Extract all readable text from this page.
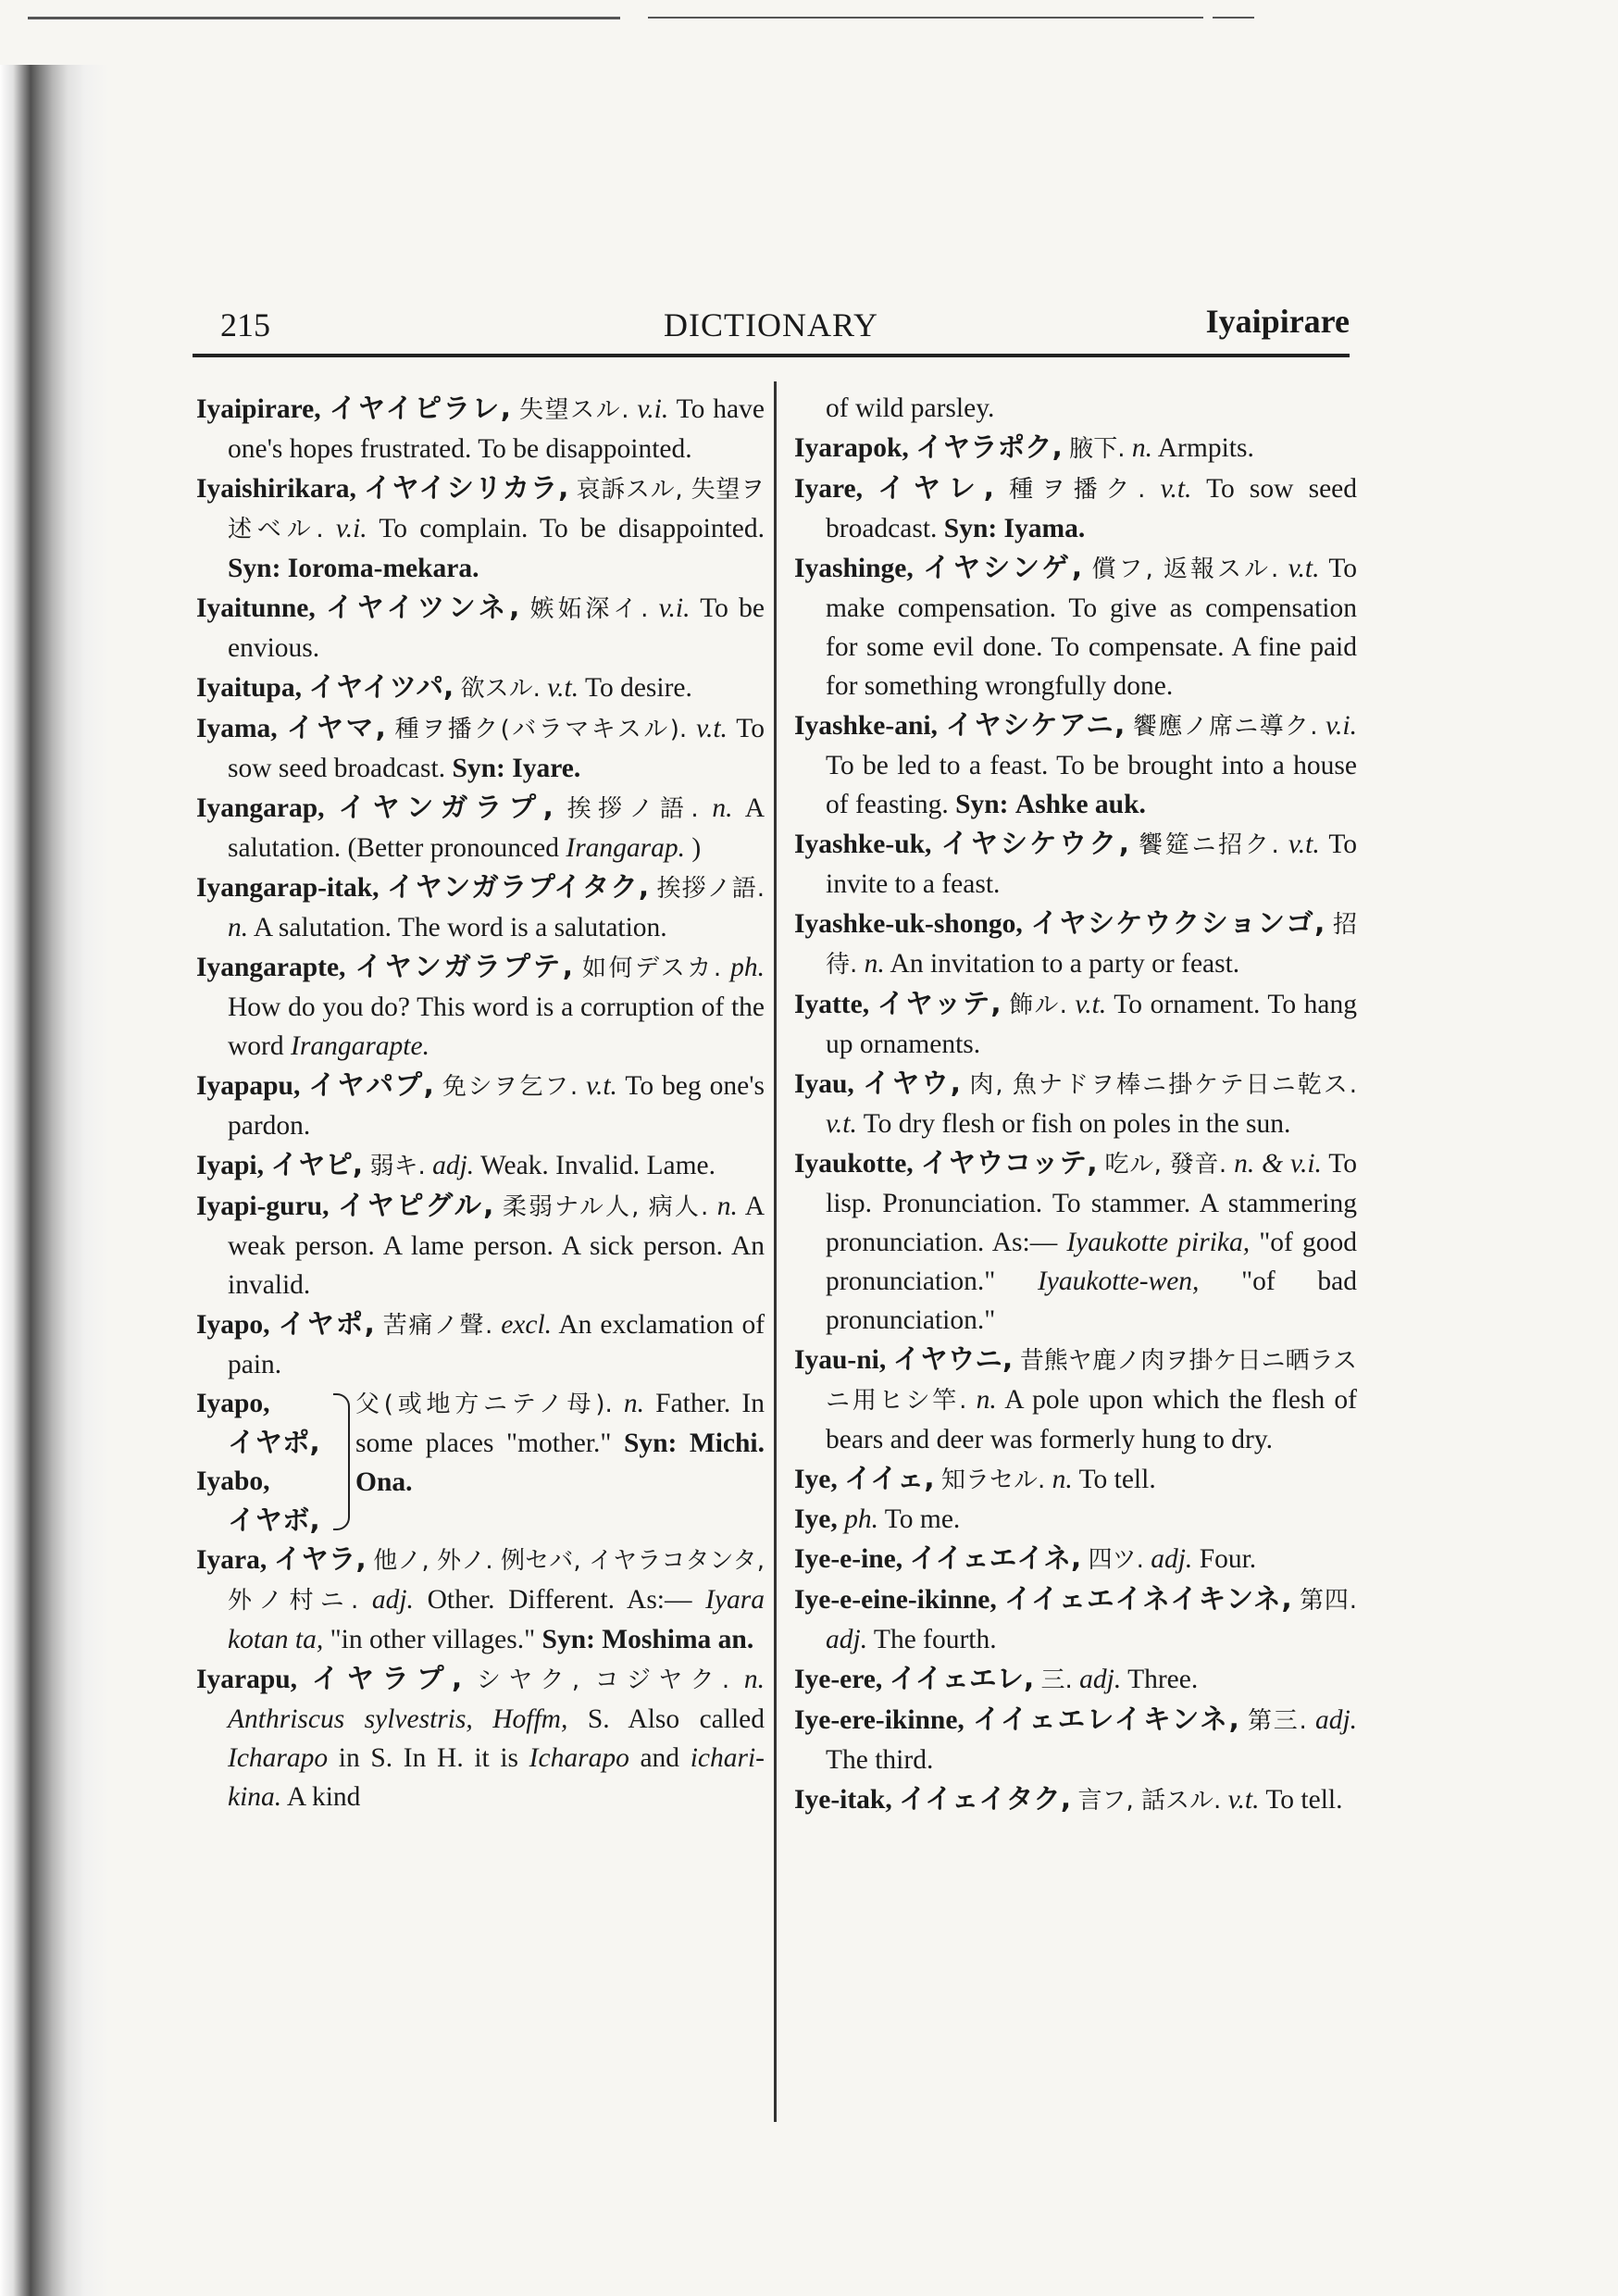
215	DICTIONARY	Iyaipirare

Iyaipirare, イヤイピラレ, 失望スル. v.i. To have one's hopes frustrated. To be disappointed.

Iyaishirikara, イヤイシリカラ, 哀訴スル, 失望ヲ述ベル. v.i. To complain. To be disappointed. Syn: Ioroma-mekara.

Iyaitunne, イヤイツンネ, 嫉妬深イ. v.i. To be envious.

Iyaitupa, イヤイツパ, 欲スル. v.t. To desire.

Iyama, イヤマ, 種ヲ播ク(バラマキスル). v.t. To sow seed broadcast. Syn: Iyare.

Iyangarap, イヤンガラプ, 挨拶ノ語. n. A salutation. (Better pronounced Irangarap. )

Iyangarap-itak, イヤンガラプイタク, 挨拶ノ語. n. A salutation. The word is a salutation.

Iyangarapte, イヤンガラプテ, 如何デスカ. ph. How do you do? This word is a corruption of the word Irangarapte.

Iyapapu, イヤパプ, 免シヲ乞フ. v.t. To beg one's pardon.

Iyapi, イヤピ, 弱キ. adj. Weak. Invalid. Lame.

Iyapi-guru, イヤピグル, 柔弱ナル人, 病人. n. A weak person. A lame person. A sick person. An invalid.

Iyapo, イヤポ, 苦痛ノ聲. excl. An exclamation of pain.

Iyapo,
イヤポ,
Iyabo,
イヤボ,
父(或地方ニテノ母). n. Father. In some places "mother." Syn: Michi. Ona.

Iyara, イヤラ, 他ノ, 外ノ. 例セバ, イヤラコタンタ, 外ノ村ニ. adj. Other. Different. As:— Iyara kotan ta, "in other villages." Syn: Moshima an.

Iyarapu, イヤラプ, シヤク, コジヤク. n. Anthriscus sylvestris, Hoffm, S. Also called Icharapo in S. In H. it is Icharapo and ichari-kina. A kind

of wild parsley.

Iyarapok, イヤラポク, 腋下. n. Armpits.

Iyare, イヤレ, 種ヲ播ク. v.t. To sow seed broadcast. Syn: Iyama.

Iyashinge, イヤシンゲ, 償フ, 返報スル. v.t. To make compensation. To give as compensation for some evil done. To compensate. A fine paid for something wrongfully done.

Iyashke-ani, イヤシケアニ, 饗應ノ席ニ導ク. v.i. To be led to a feast. To be brought into a house of feasting. Syn: Ashke auk.

Iyashke-uk, イヤシケウク, 饗筵ニ招ク. v.t. To invite to a feast.

Iyashke-uk-shongo, イヤシケウクションゴ, 招待. n. An invitation to a party or feast.

Iyatte, イヤッテ, 飾ル. v.t. To ornament. To hang up ornaments.

Iyau, イヤウ, 肉, 魚ナドヲ棒ニ掛ケテ日ニ乾ス. v.t. To dry flesh or fish on poles in the sun.

Iyaukotte, イヤウコッテ, 吃ル, 發音. n. & v.i. To lisp. Pronunciation. To stammer. A stammering pronunciation. As:— Iyaukotte pirika, "of good pronunciation." Iyaukotte-wen, "of bad pronunciation."

Iyau-ni, イヤウニ, 昔熊ヤ鹿ノ肉ヲ掛ケ日ニ晒ラスニ用ヒシ竿. n. A pole upon which the flesh of bears and deer was formerly hung to dry.

Iye, イイェ, 知ラセル. n. To tell.

Iye, ph. To me.

Iye-e-ine, イイェエイネ, 四ツ. adj. Four.

Iye-e-eine-ikinne, イイェエイネイキンネ, 第四. adj. The fourth.

Iye-ere, イイェエレ, 三. adj. Three.

Iye-ere-ikinne, イイェエレイキンネ, 第三. adj. The third.

Iye-itak, イイェイタク, 言フ, 話スル. v.t. To tell.
